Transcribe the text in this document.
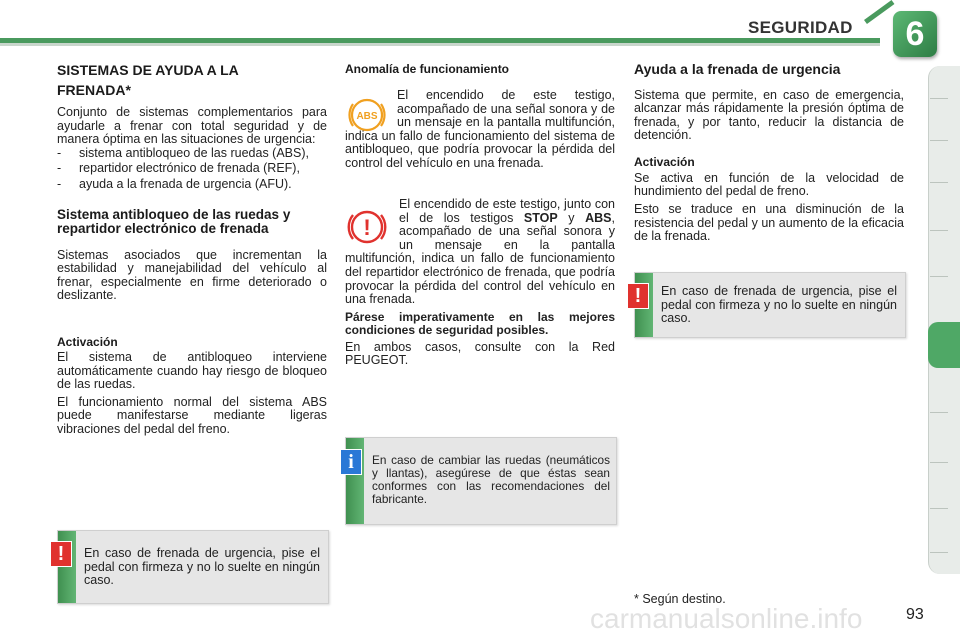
SEGURIDAD	6
SISTEMAS DE AYUDA A LA FRENADA*

Conjunto de sistemas complementarios para ayudarle a frenar con total seguridad y de manera óptima en las situaciones de urgencia:

- sistema antibloqueo de las ruedas (ABS),
- repartidor electrónico de frenada (REF),
- ayuda a la frenada de urgencia (AFU).
Sistema antibloqueo de las ruedas y repartidor electrónico de frenada

Sistemas asociados que incrementan la estabilidad y manejabilidad del vehículo al frenar, especialmente en firme deteriorado o deslizante.

Activación

El sistema de antibloqueo interviene automáticamente cuando hay riesgo de bloqueo de las ruedas.

El funcionamiento normal del sistema ABS puede manifestarse mediante ligeras vibraciones del pedal del freno.

!	En caso de frenada de urgencia, pise el pedal con firmeza y no lo suelte en ningún caso.
Anomalía de funcionamiento
ABS

El encendido de este testigo, acompañado de una señal sonora y de un mensaje en la pantalla multifunción, indica un fallo de funcionamiento del sistema de antibloqueo, que podría provocar la pérdida del control del vehículo en una frenada.

!

El encendido de este testigo, junto con el de los testigos STOP y ABS, acompañado de una señal sonora y un mensaje en la pantalla multifunción, indica un fallo de funcionamiento del repartidor electrónico de frenada, que podría provocar la pérdida del control del vehículo en una frenada.

Párese imperativamente en las mejores condiciones de seguridad posibles.

En ambos casos, consulte con la Red PEUGEOT.

i	En caso de cambiar las ruedas (neumáticos y llantas), asegúrese de que éstas sean conformes con las recomendaciones del fabricante.
Ayuda a la frenada de urgencia

Sistema que permite, en caso de emergencia, alcanzar más rápidamente la presión óptima de frenada, y por tanto, reducir la distancia de detención.

Activación

Se activa en función de la velocidad de hundimiento del pedal de freno.

Esto se traduce en una disminución de la resistencia del pedal y un aumento de la eficacia de la frenada.

!	En caso de frenada de urgencia, pise el pedal con firmeza y no lo suelte en ningún caso.
* Según destino.
carmanualsonline.info	93
